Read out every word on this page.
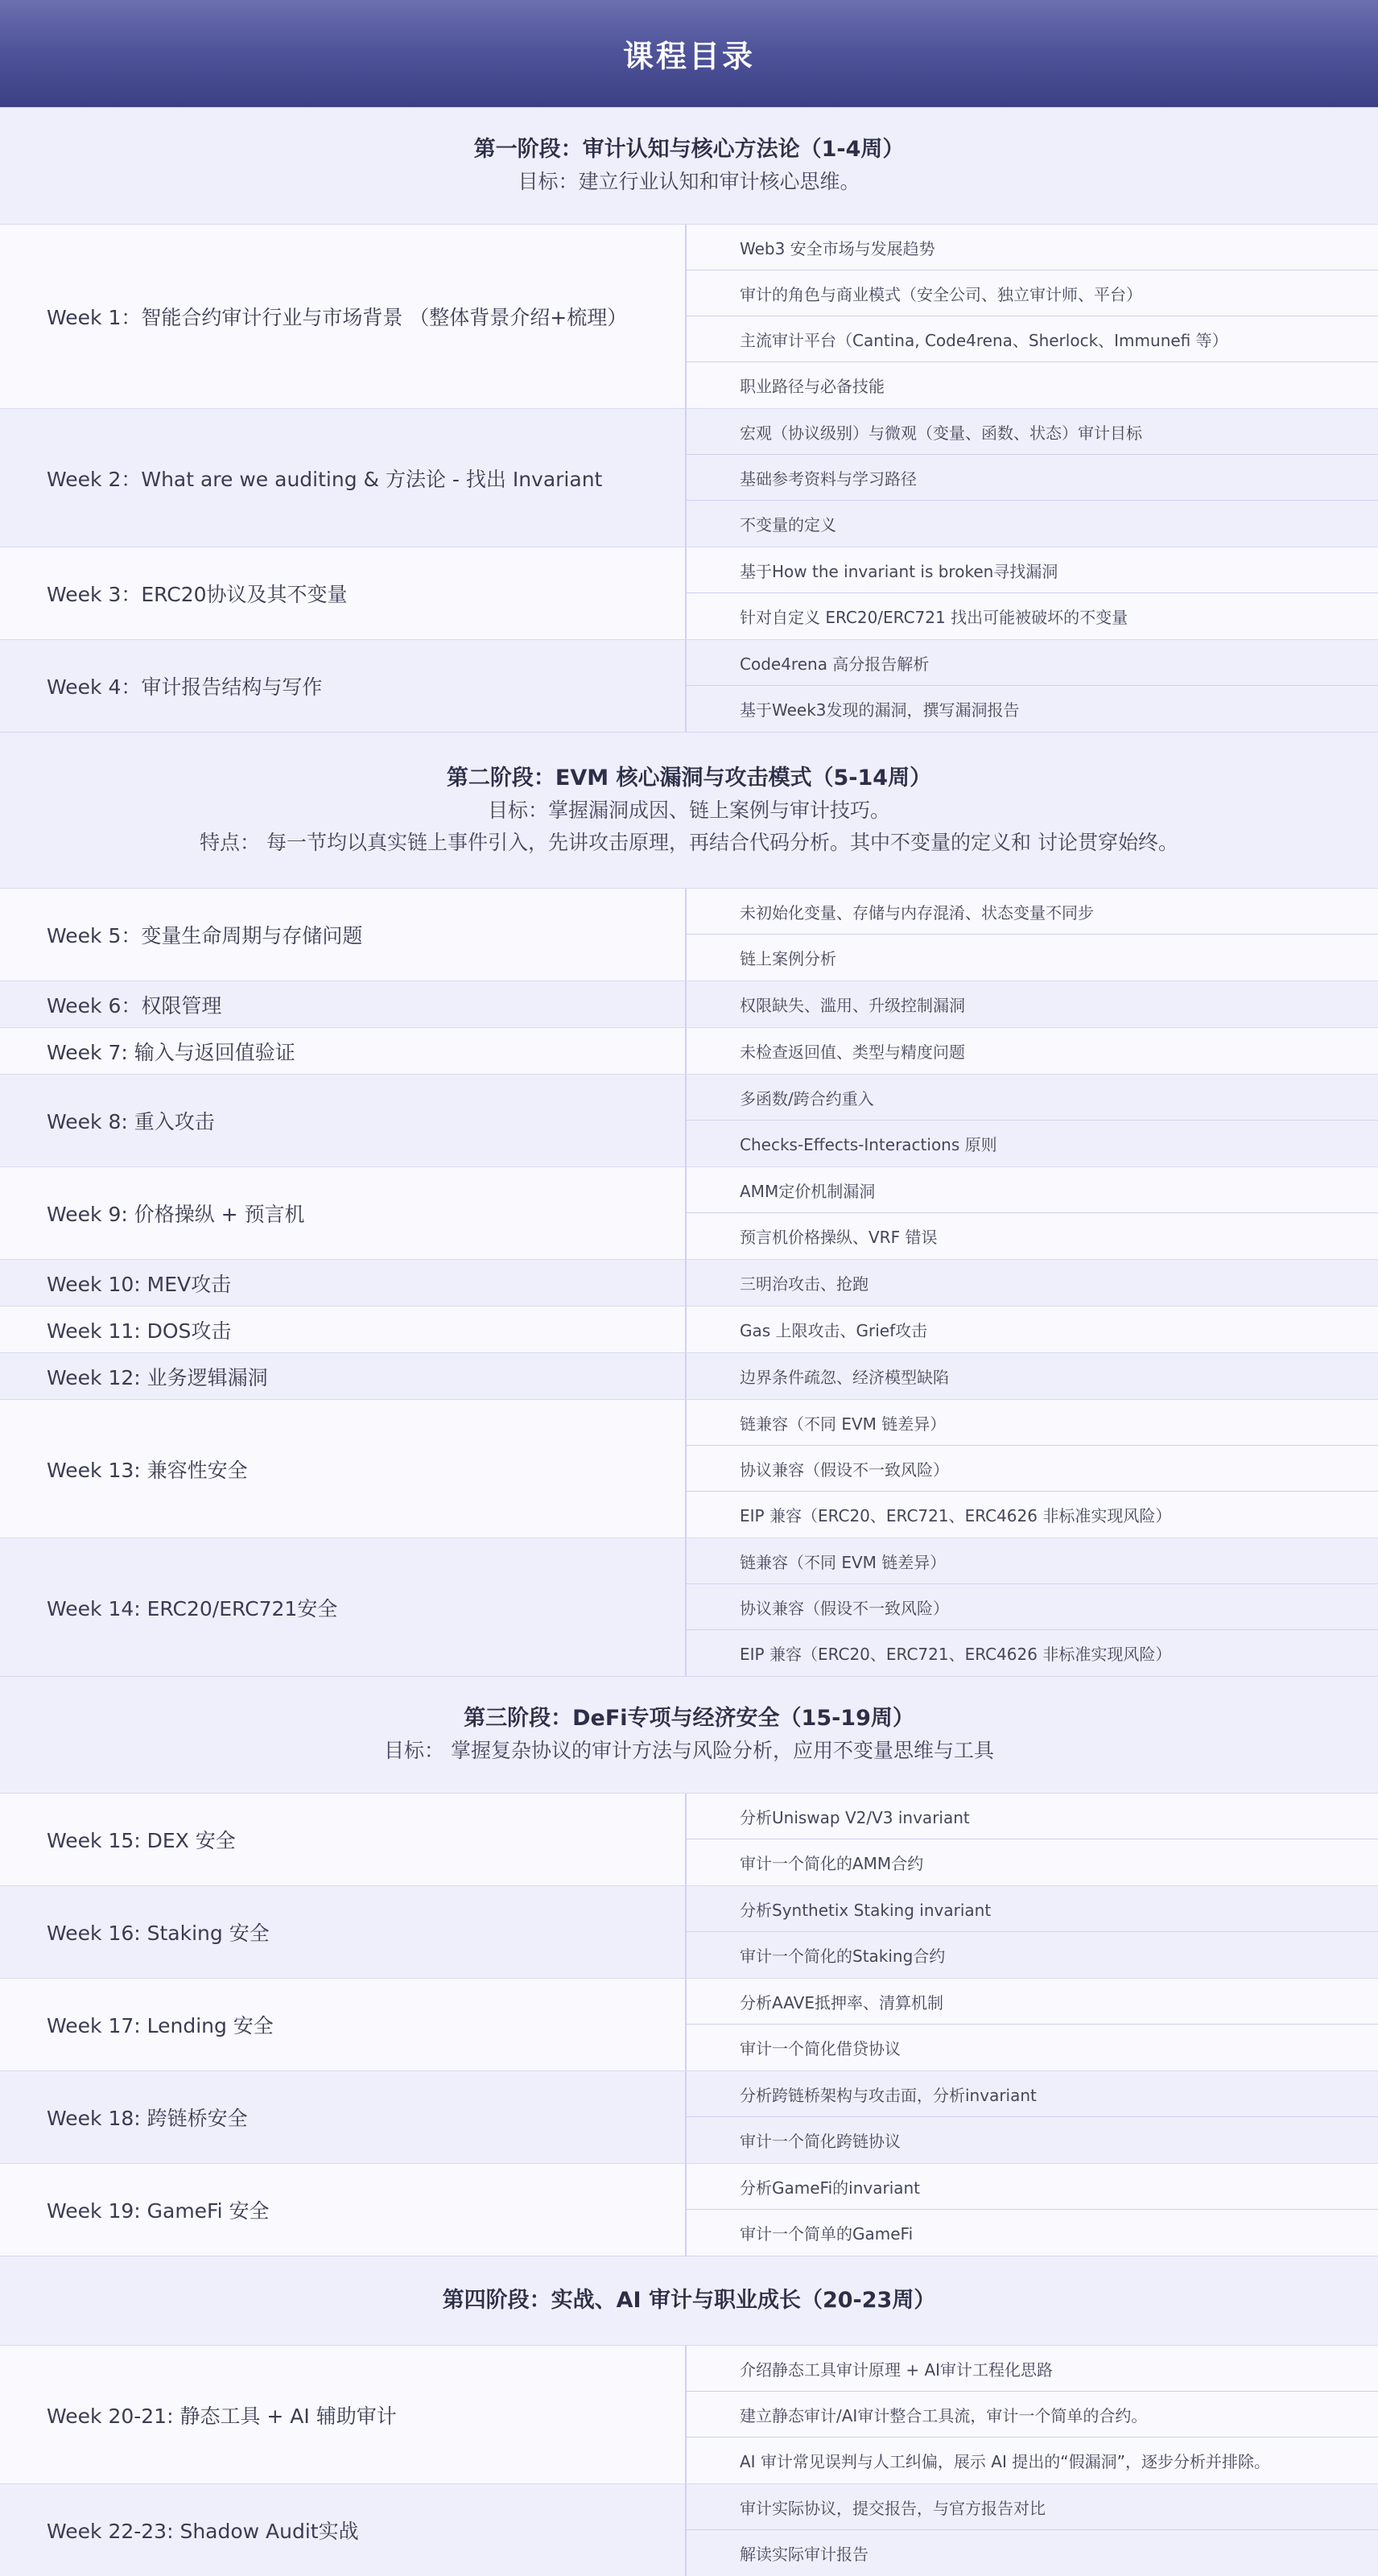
课程目录
第一阶段：审计认知与核心方法论（1-4周）
目标：建立行业认知和审计核心思维。
Week 1：智能合约审计行业与市场背景 （整体背景介绍+梳理）
Web3 安全市场与发展趋势
审计的角色与商业模式（安全公司、独立审计师、平台）
主流审计平台（Cantina, Code4rena、Sherlock、Immunefi 等）
职业路径与必备技能
Week 2：What are we auditing & 方法论 - 找出 Invariant
宏观（协议级别）与微观（变量、函数、状态）审计目标
基础参考资料与学习路径
不变量的定义
Week 3：ERC20协议及其不变量
基于How the invariant is broken寻找漏洞
针对自定义 ERC20/ERC721 找出可能被破坏的不变量
Week 4：审计报告结构与写作
Code4rena 高分报告解析
基于Week3发现的漏洞，撰写漏洞报告
第二阶段：EVM 核心漏洞与攻击模式（5-14周）
目标：掌握漏洞成因、链上案例与审计技巧。
特点： 每一节均以真实链上事件引入，先讲攻击原理，再结合代码分析。其中不变量的定义和 讨论贯穿始终。
Week 5：变量生命周期与存储问题
未初始化变量、存储与内存混淆、状态变量不同步
链上案例分析
Week 6：权限管理	权限缺失、滥用、升级控制漏洞
Week 7: 输入与返回值验证	未检查返回值、类型与精度问题
Week 8: 重入攻击
多函数/跨合约重入
Checks-Effects-Interactions 原则
Week 9: 价格操纵 + 预言机
AMM定价机制漏洞
预言机价格操纵、VRF 错误
Week 10: MEV攻击	三明治攻击、抢跑
Week 11: DOS攻击	Gas 上限攻击、Grief攻击
Week 12: 业务逻辑漏洞	边界条件疏忽、经济模型缺陷
Week 13: 兼容性安全
链兼容（不同 EVM 链差异）
协议兼容（假设不一致风险）
EIP 兼容（ERC20、ERC721、ERC4626 非标准实现风险）
Week 14: ERC20/ERC721安全
链兼容（不同 EVM 链差异）
协议兼容（假设不一致风险）
EIP 兼容（ERC20、ERC721、ERC4626 非标准实现风险）
第三阶段：DeFi专项与经济安全（15-19周）
目标： 掌握复杂协议的审计方法与风险分析，应用不变量思维与工具
Week 15: DEX 安全
分析Uniswap V2/V3 invariant
审计一个简化的AMM合约
Week 16: Staking 安全
分析Synthetix Staking invariant
审计一个简化的Staking合约
Week 17: Lending 安全
分析AAVE抵押率、清算机制
审计一个简化借贷协议
Week 18: 跨链桥安全
分析跨链桥架构与攻击面，分析invariant
审计一个简化跨链协议
Week 19: GameFi 安全
分析GameFi的invariant
审计一个简单的GameFi
第四阶段：实战、AI 审计与职业成长（20-23周）
Week 20-21: 静态工具 + AI 辅助审计
介绍静态工具审计原理 + AI审计工程化思路
建立静态审计/AI审计整合工具流，审计一个简单的合约。
AI 审计常见误判与人工纠偏，展示 AI 提出的“假漏洞”，逐步分析并排除。
Week 22-23: Shadow Audit实战
审计实际协议，提交报告，与官方报告对比
解读实际审计报告
